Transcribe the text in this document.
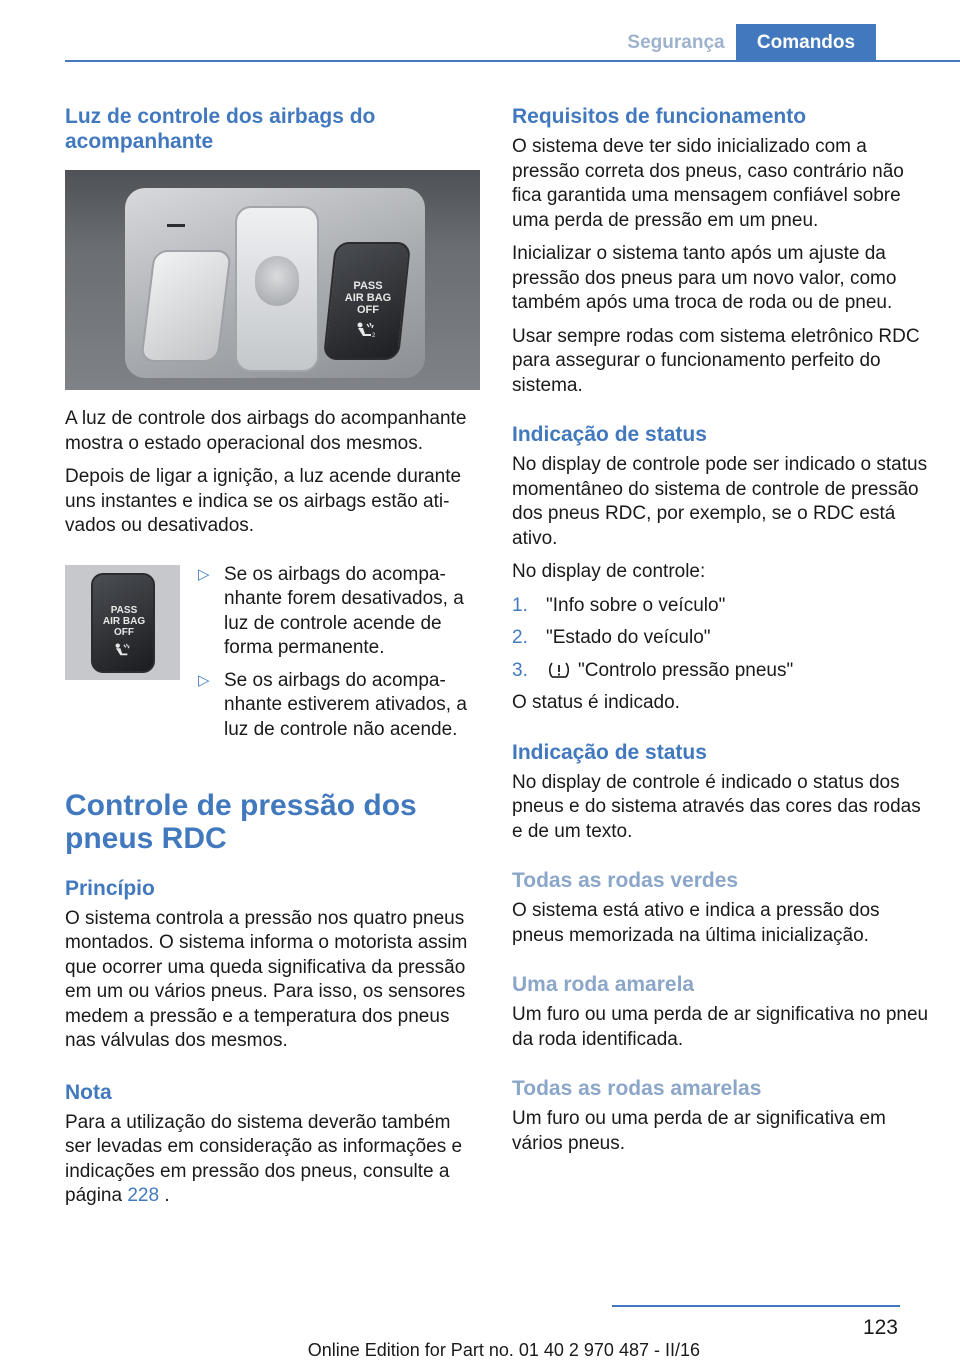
Segurança	Comandos
Luz de controle dos airbags do acompanhante
PASS
AIR BAG
OFF
2

A luz de controle dos airbags do acompanhante mostra o estado operacional dos mesmos.

Depois de ligar a ignição, a luz acende durante uns instantes e indica se os airbags estão ativados ou desativados.

PASS
AIR BAG
OFF
▷ Se os airbags do acompanhante forem desativados, a luz de controle acende de forma permanente.
▷ Se os airbags do acompanhante estiverem ativados, a luz de controle não acende.
Controle de pressão dos pneus RDC
Princípio

O sistema controla a pressão nos quatro pneus montados. O sistema informa o motorista assim que ocorrer uma queda significativa da pressão em um ou vários pneus. Para isso, os sensores medem a pressão e a temperatura dos pneus nas válvulas dos mesmos.

Nota

Para a utilização do sistema deverão também ser levadas em consideração as informações e indicações em pressão dos pneus, consulte a página 228 .

Requisitos de funcionamento

O sistema deve ter sido inicializado com a pressão correta dos pneus, caso contrário não fica garantida uma mensagem confiável sobre uma perda de pressão em um pneu.

Inicializar o sistema tanto após um ajuste da pressão dos pneus para um novo valor, como também após uma troca de roda ou de pneu.

Usar sempre rodas com sistema eletrônico RDC para assegurar o funcionamento perfeito do sistema.

Indicação de status

No display de controle pode ser indicado o status momentâneo do sistema de controle de pressão dos pneus RDC, por exemplo, se o RDC está ativo.

No display de controle:

1. "Info sobre o veículo"
2. "Estado do veículo"
3.	"Controlo pressão pneus"

O status é indicado.

Indicação de status

No display de controle é indicado o status dos pneus e do sistema através das cores das rodas e de um texto.

Todas as rodas verdes

O sistema está ativo e indica a pressão dos pneus memorizada na última inicialização.

Uma roda amarela

Um furo ou uma perda de ar significativa no pneu da roda identificada.

Todas as rodas amarelas

Um furo ou uma perda de ar significativa em vários pneus.

123
Online Edition for Part no. 01 40 2 970 487 - II/16
